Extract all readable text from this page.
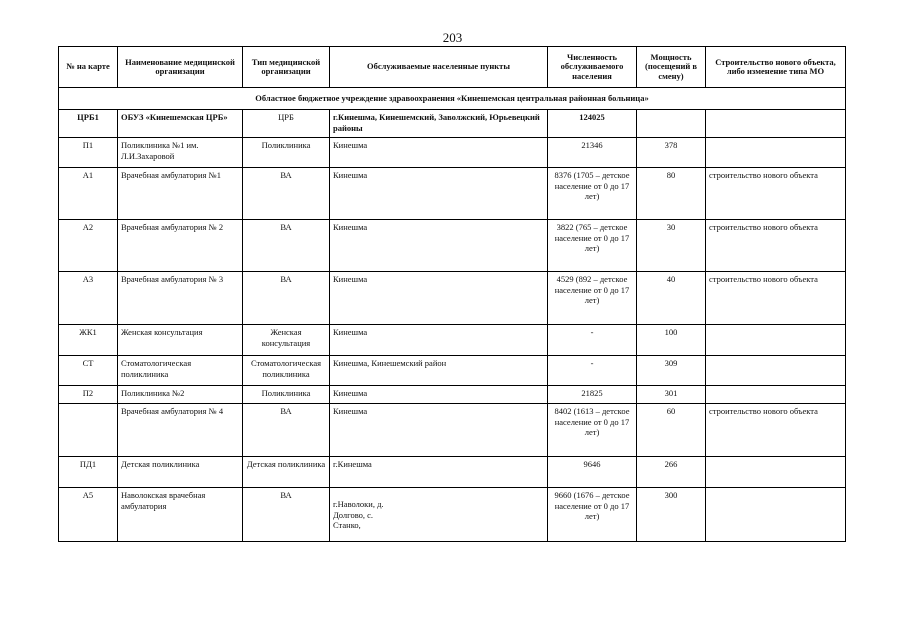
203
№ на карте	Наименование медицинской организации	Тип медицинской организации	Обслуживаемые населенные пункты	Численность обслуживаемого населения	Мощность (посещений в смену)	Строительство нового объекта, либо изменение типа МО
Областное бюджетное учреждение здравоохранения «Кинешемская центральная районная больница»						
ЦРБ1	ОБУЗ «Кинешемская ЦРБ»	ЦРБ	г.Кинешма, Кинешемский, Заволжский, Юрьевецкий районы	124025		
П1	Поликлиника №1 им. Л.И.Захаровой	Поликлиника	Кинешма	21346	378	
А1	Врачебная амбулатория №1	ВА	Кинешма	8376 (1705 – детское население от 0 до 17 лет)	80	строительство нового объекта
А2	Врачебная амбулатория № 2	ВА	Кинешма	3822 (765 – детское население от 0 до 17 лет)	30	строительство нового объекта
А3	Врачебная амбулатория № 3	ВА	Кинешма	4529 (892 – детское население от 0 до 17 лет)	40	строительство нового объекта
ЖК1	Женская консультация	Женская консультация	Кинешма	-	100	
СТ	Стоматологическая поликлиника	Стоматологическая поликлиника	Кинешма, Кинешемский район	-	309	
П2	Поликлиника №2	Поликлиника	Кинешма	21825	301	
	Врачебная амбулатория № 4	ВА	Кинешма	8402 (1613 – детское население от 0 до 17 лет)	60	строительство нового объекта
ПД1	Детская поликлиника	Детская поликлиника	г.Кинешма	9646	266	
А5	Наволокская врачебная амбулатория	ВА	г.Наволоки, д. Долгово, с. Станко,	9660 (1676 – детское население от 0 до 17 лет)	300	
